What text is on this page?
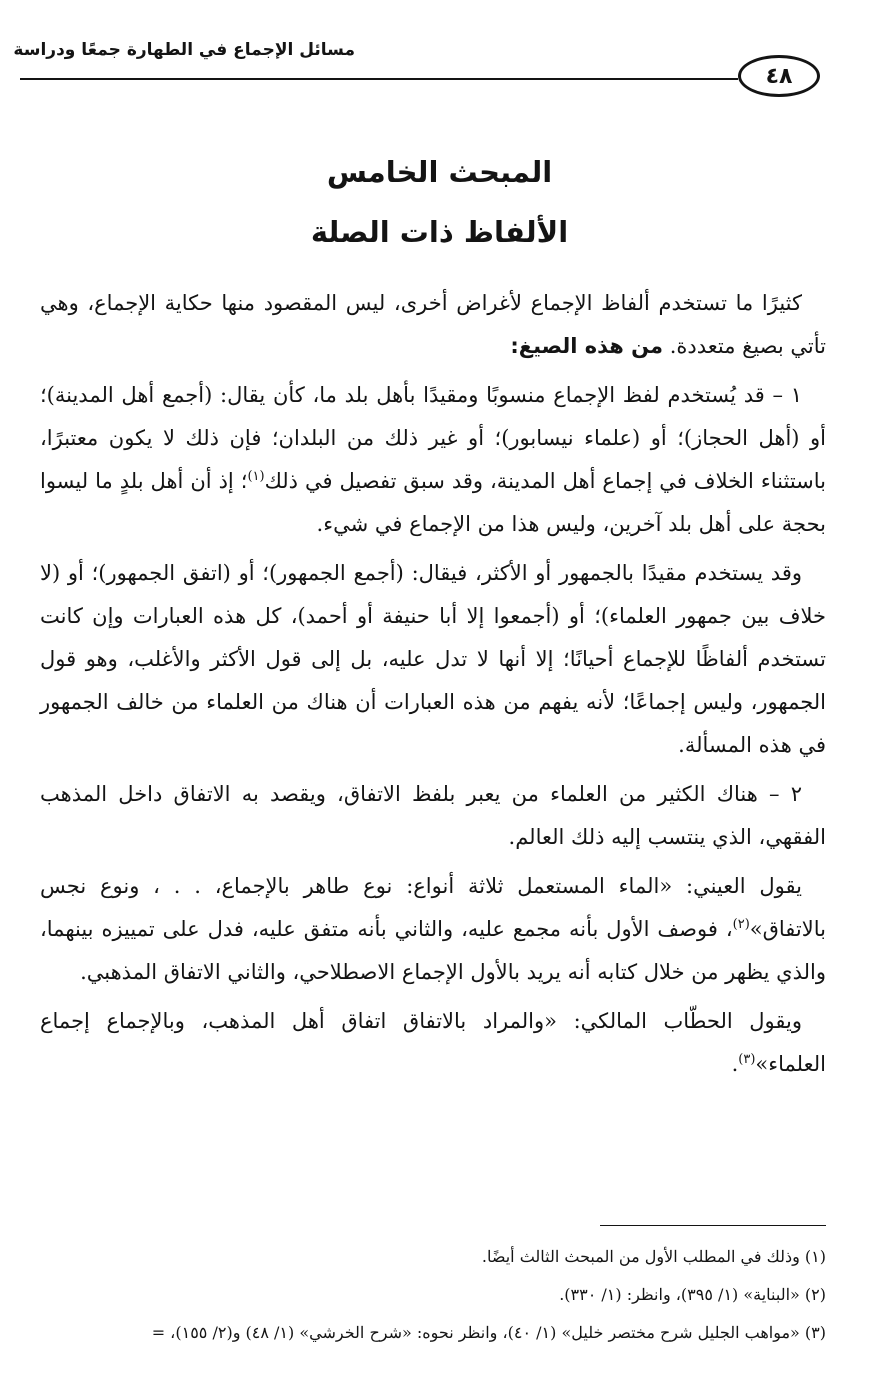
مسائل الإجماع في الطهارة جمعًا ودراسة
٤٨
المبحث الخامس
الألفاظ ذات الصلة

كثيرًا ما تستخدم ألفاظ الإجماع لأغراض أخرى، ليس المقصود منها حكاية الإجماع، وهي تأتي بصيغ متعددة. من هذه الصيغ:

١ – قد يُستخدم لفظ الإجماع منسوبًا ومقيدًا بأهل بلد ما، كأن يقال: (أجمع أهل المدينة)؛ أو (أهل الحجاز)؛ أو (علماء نيسابور)؛ أو غير ذلك من البلدان؛ فإن ذلك لا يكون معتبرًا، باستثناء الخلاف في إجماع أهل المدينة، وقد سبق تفصيل في ذلك$^{(١)}$؛ إذ أن أهل بلدٍ ما ليسوا بحجة على أهل بلد آخرين، وليس هذا من الإجماع في شيء.

وقد يستخدم مقيدًا بالجمهور أو الأكثر، فيقال: (أجمع الجمهور)؛ أو (اتفق الجمهور)؛ أو (لا خلاف بين جمهور العلماء)؛ أو (أجمعوا إلا أبا حنيفة أو أحمد)، كل هذه العبارات وإن كانت تستخدم ألفاظًا للإجماع أحيانًا؛ إلا أنها لا تدل عليه، بل إلى قول الأكثر والأغلب، وهو قول الجمهور، وليس إجماعًا؛ لأنه يفهم من هذه العبارات أن هناك من العلماء من خالف الجمهور في هذه المسألة.

٢ – هناك الكثير من العلماء من يعبر بلفظ الاتفاق، ويقصد به الاتفاق داخل المذهب الفقهي، الذي ينتسب إليه ذلك العالم.

يقول العيني: «الماء المستعمل ثلاثة أنواع: نوع طاهر بالإجماع، . . ، ونوع نجس بالاتفاق»$^{(٢)}$، فوصف الأول بأنه مجمع عليه، والثاني بأنه متفق عليه، فدل على تمييزه بينهما، والذي يظهر من خلال كتابه أنه يريد بالأول الإجماع الاصطلاحي، والثاني الاتفاق المذهبي.

ويقول الحطّاب المالكي: «والمراد بالاتفاق اتفاق أهل المذهب، وبالإجماع إجماع العلماء»$^{(٣)}$.

(١) وذلك في المطلب الأول من المبحث الثالث أيضًا.
(٢) «البناية» (١/ ٣٩٥)، وانظر: (١/ ٣٣٠).
(٣) «مواهب الجليل شرح مختصر خليل» (١/ ٤٠)، وانظر نحوه: «شرح الخرشي» (١/ ٤٨) و(٢/ ١٥٥)، =
